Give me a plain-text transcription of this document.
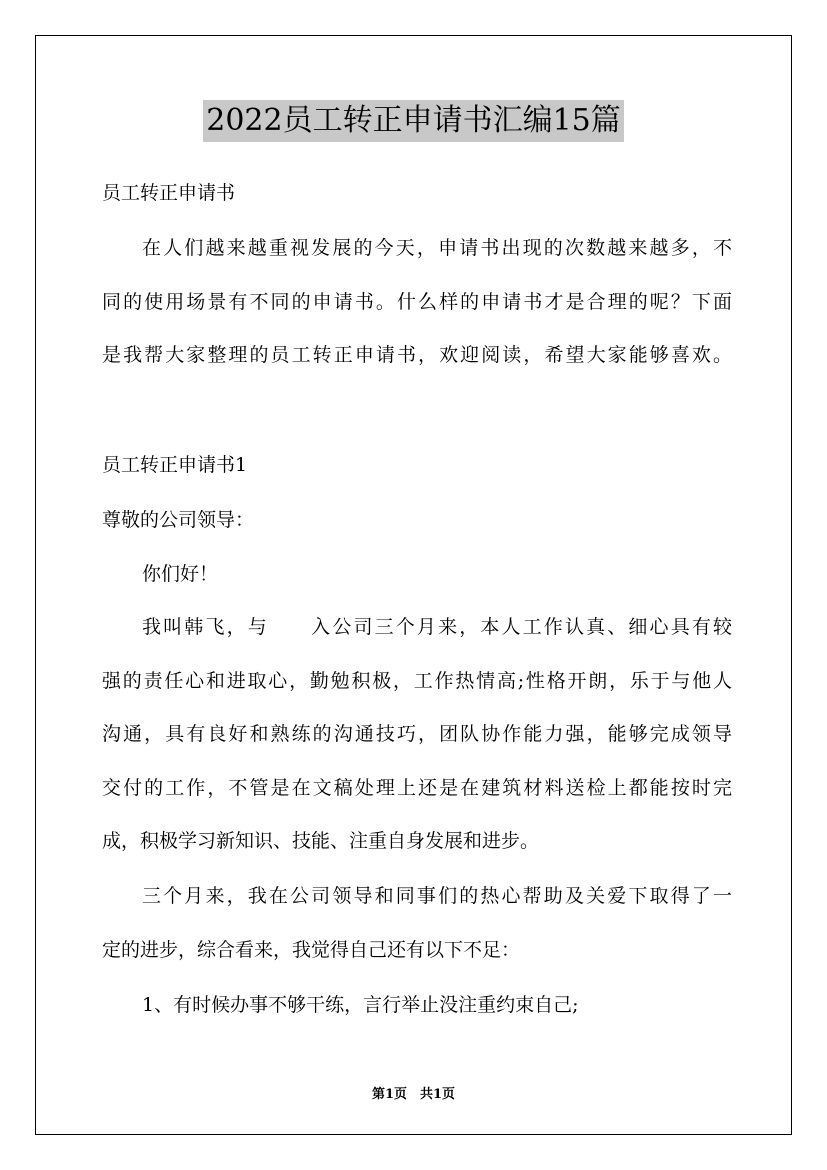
2022员工转正申请书汇编15篇
员工转正申请书
在人们越来越重视发展的今天，申请书出现的次数越来越多，不
同的使用场景有不同的申请书。什么样的申请书才是合理的呢？下面
是我帮大家整理的员工转正申请书，欢迎阅读，希望大家能够喜欢。
员工转正申请书1
尊敬的公司领导：
你们好！
我叫韩飞，与　　入公司三个月来，本人工作认真、细心具有较
强的责任心和进取心，勤勉积极，工作热情高;性格开朗，乐于与他人
沟通，具有良好和熟练的沟通技巧，团队协作能力强，能够完成领导
交付的工作，不管是在文稿处理上还是在建筑材料送检上都能按时完
成，积极学习新知识、技能、注重自身发展和进步。
三个月来，我在公司领导和同事们的热心帮助及关爱下取得了一
定的进步，综合看来，我觉得自己还有以下不足：
1、有时候办事不够干练，言行举止没注重约束自己;
第1页　共1页
